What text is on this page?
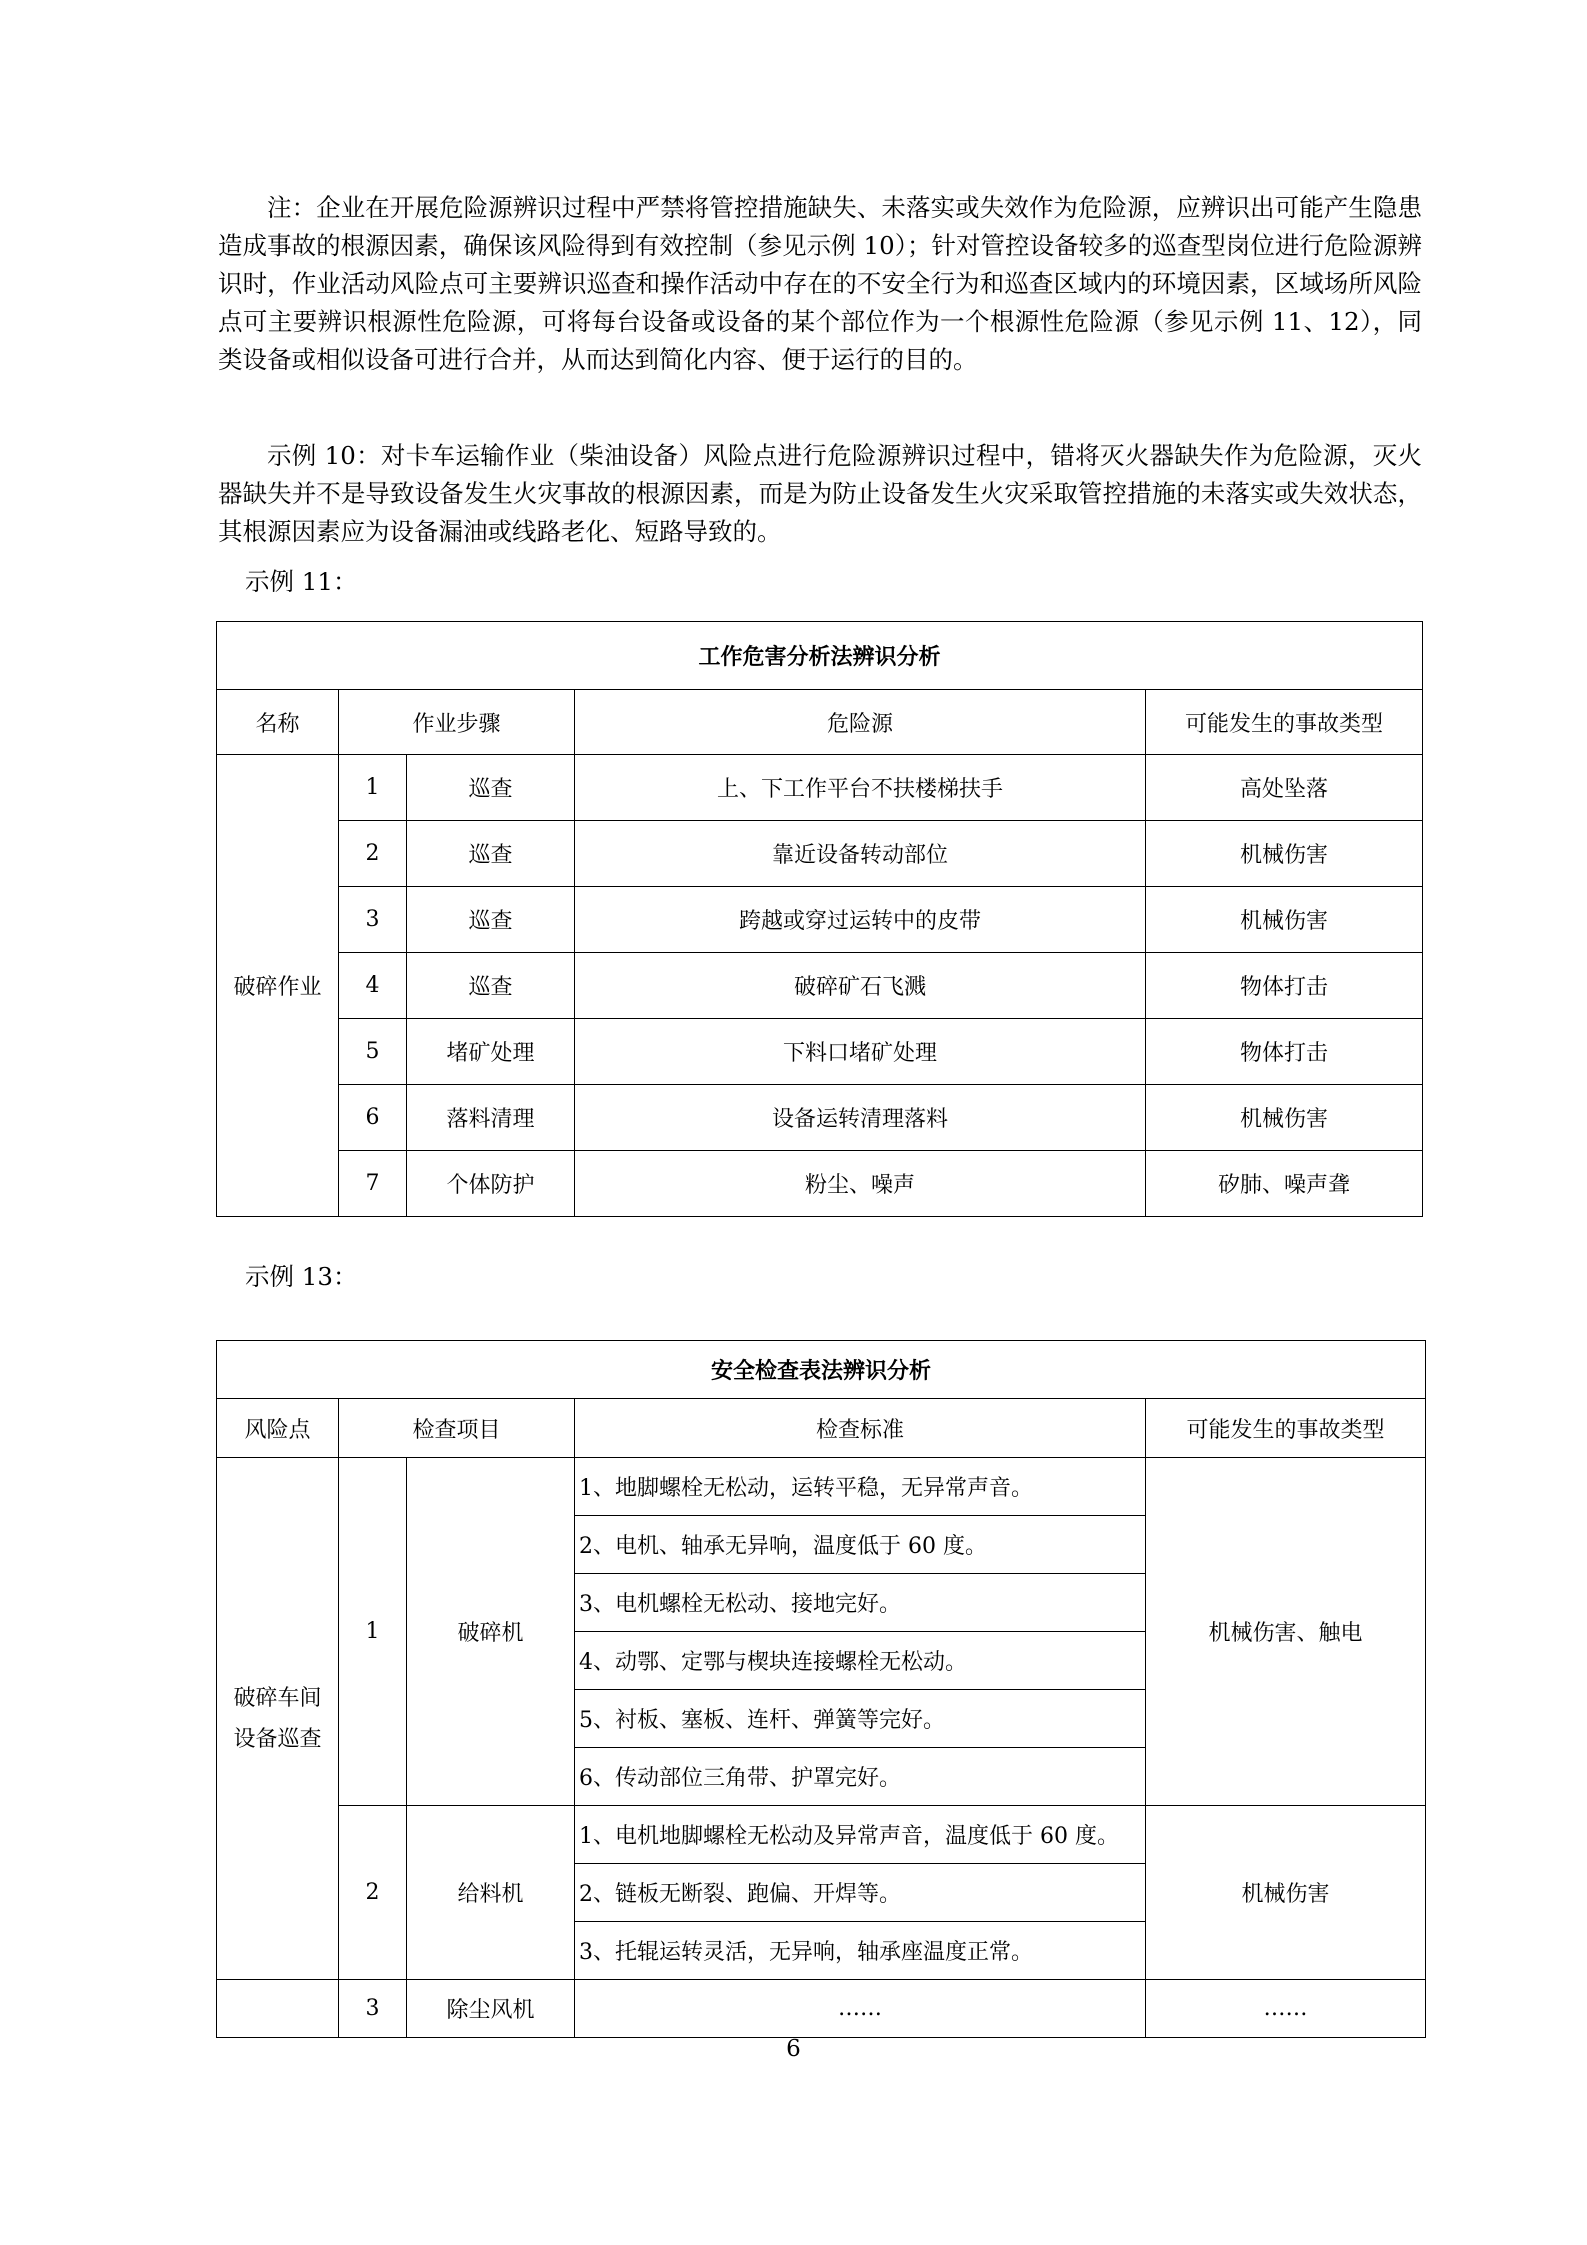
注：企业在开展危险源辨识过程中严禁将管控措施缺失、未落实或失效作为危险源，应辨识出可能产生隐患造成事故的根源因素，确保该风险得到有效控制（参见示例 10）；针对管控设备较多的巡查型岗位进行危险源辨识时，作业活动风险点可主要辨识巡查和操作活动中存在的不安全行为和巡查区域内的环境因素，区域场所风险点可主要辨识根源性危险源，可将每台设备或设备的某个部位作为一个根源性危险源（参见示例 11、12），同类设备或相似设备可进行合并，从而达到简化内容、便于运行的目的。

示例 10：对卡车运输作业（柴油设备）风险点进行危险源辨识过程中，错将灭火器缺失作为危险源，灭火器缺失并不是导致设备发生火灾事故的根源因素，而是为防止设备发生火灾采取管控措施的未落实或失效状态，其根源因素应为设备漏油或线路老化、短路导致的。

示例 11：

工作危害分析法辨识分析				
名称	作业步骤		危险源	可能发生的事故类型
破碎作业	1	巡查	上、下工作平台不扶楼梯扶手	高处坠落
	2	巡查	靠近设备转动部位	机械伤害
	3	巡查	跨越或穿过运转中的皮带	机械伤害
	4	巡查	破碎矿石飞溅	物体打击
	5	堵矿处理	下料口堵矿处理	物体打击
	6	落料清理	设备运转清理落料	机械伤害
	7	个体防护	粉尘、噪声	矽肺、噪声聋

示例 13：

安全检查表法辨识分析				
风险点	检查项目		检查标准	可能发生的事故类型
破碎车间
设备巡查	1	破碎机	1、地脚螺栓无松动，运转平稳，无异常声音。	机械伤害、触电
			2、电机、轴承无异响，温度低于 60 度。	
			3、电机螺栓无松动、接地完好。	
			4、动鄂、定鄂与楔块连接螺栓无松动。	
			5、衬板、塞板、连杆、弹簧等完好。	
			6、传动部位三角带、护罩完好。	
	2	给料机	1、电机地脚螺栓无松动及异常声音，温度低于 60 度。	机械伤害
			2、链板无断裂、跑偏、开焊等。	
			3、托辊运转灵活，无异响，轴承座温度正常。	
	3	除尘风机	……	……
6
